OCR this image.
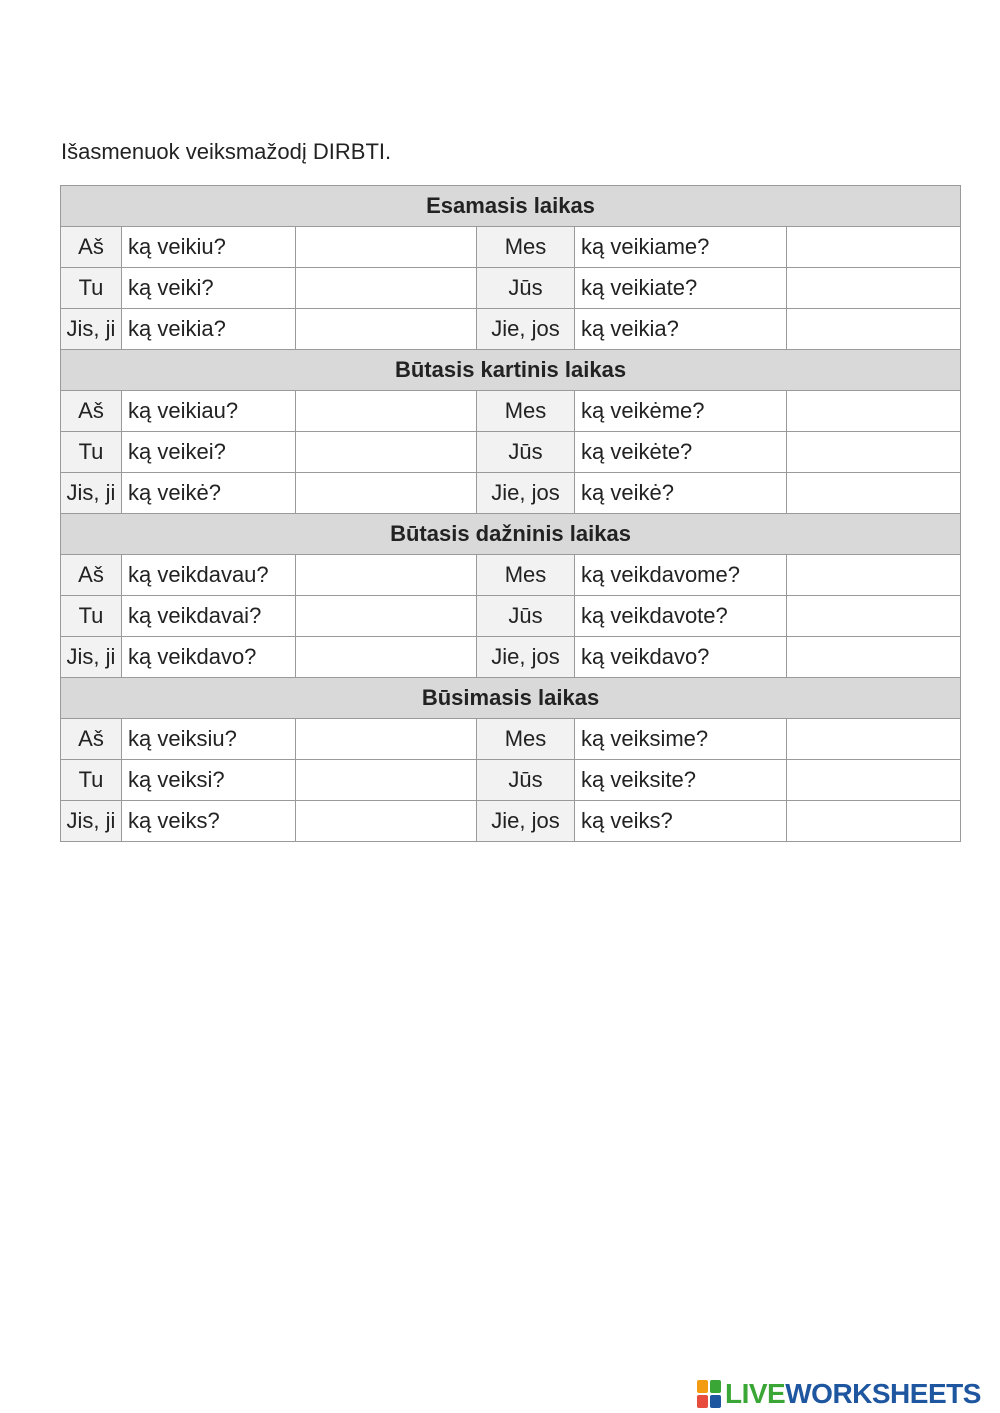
Išasmenuok veiksmažodį DIRBTI.
Esamasis laikas					
Aš	ką veikiu?		Mes	ką veikiame?	
Tu	ką veiki?		Jūs	ką veikiate?	
Jis, ji	ką veikia?		Jie, jos	ką veikia?	
Būtasis kartinis laikas					
Aš	ką veikiau?		Mes	ką veikėme?	
Tu	ką veikei?		Jūs	ką veikėte?	
Jis, ji	ką veikė?		Jie, jos	ką veikė?	
Būtasis dažninis laikas					
Aš	ką veikdavau?		Mes	ką veikdavome?	
Tu	ką veikdavai?		Jūs	ką veikdavote?	
Jis, ji	ką veikdavo?		Jie, jos	ką veikdavo?	
Būsimasis laikas					
Aš	ką veiksiu?		Mes	ką veiksime?	
Tu	ką veiksi?		Jūs	ką veiksite?	
Jis, ji	ką veiks?		Jie, jos	ką veiks?	
LIVEWORKSHEETS
